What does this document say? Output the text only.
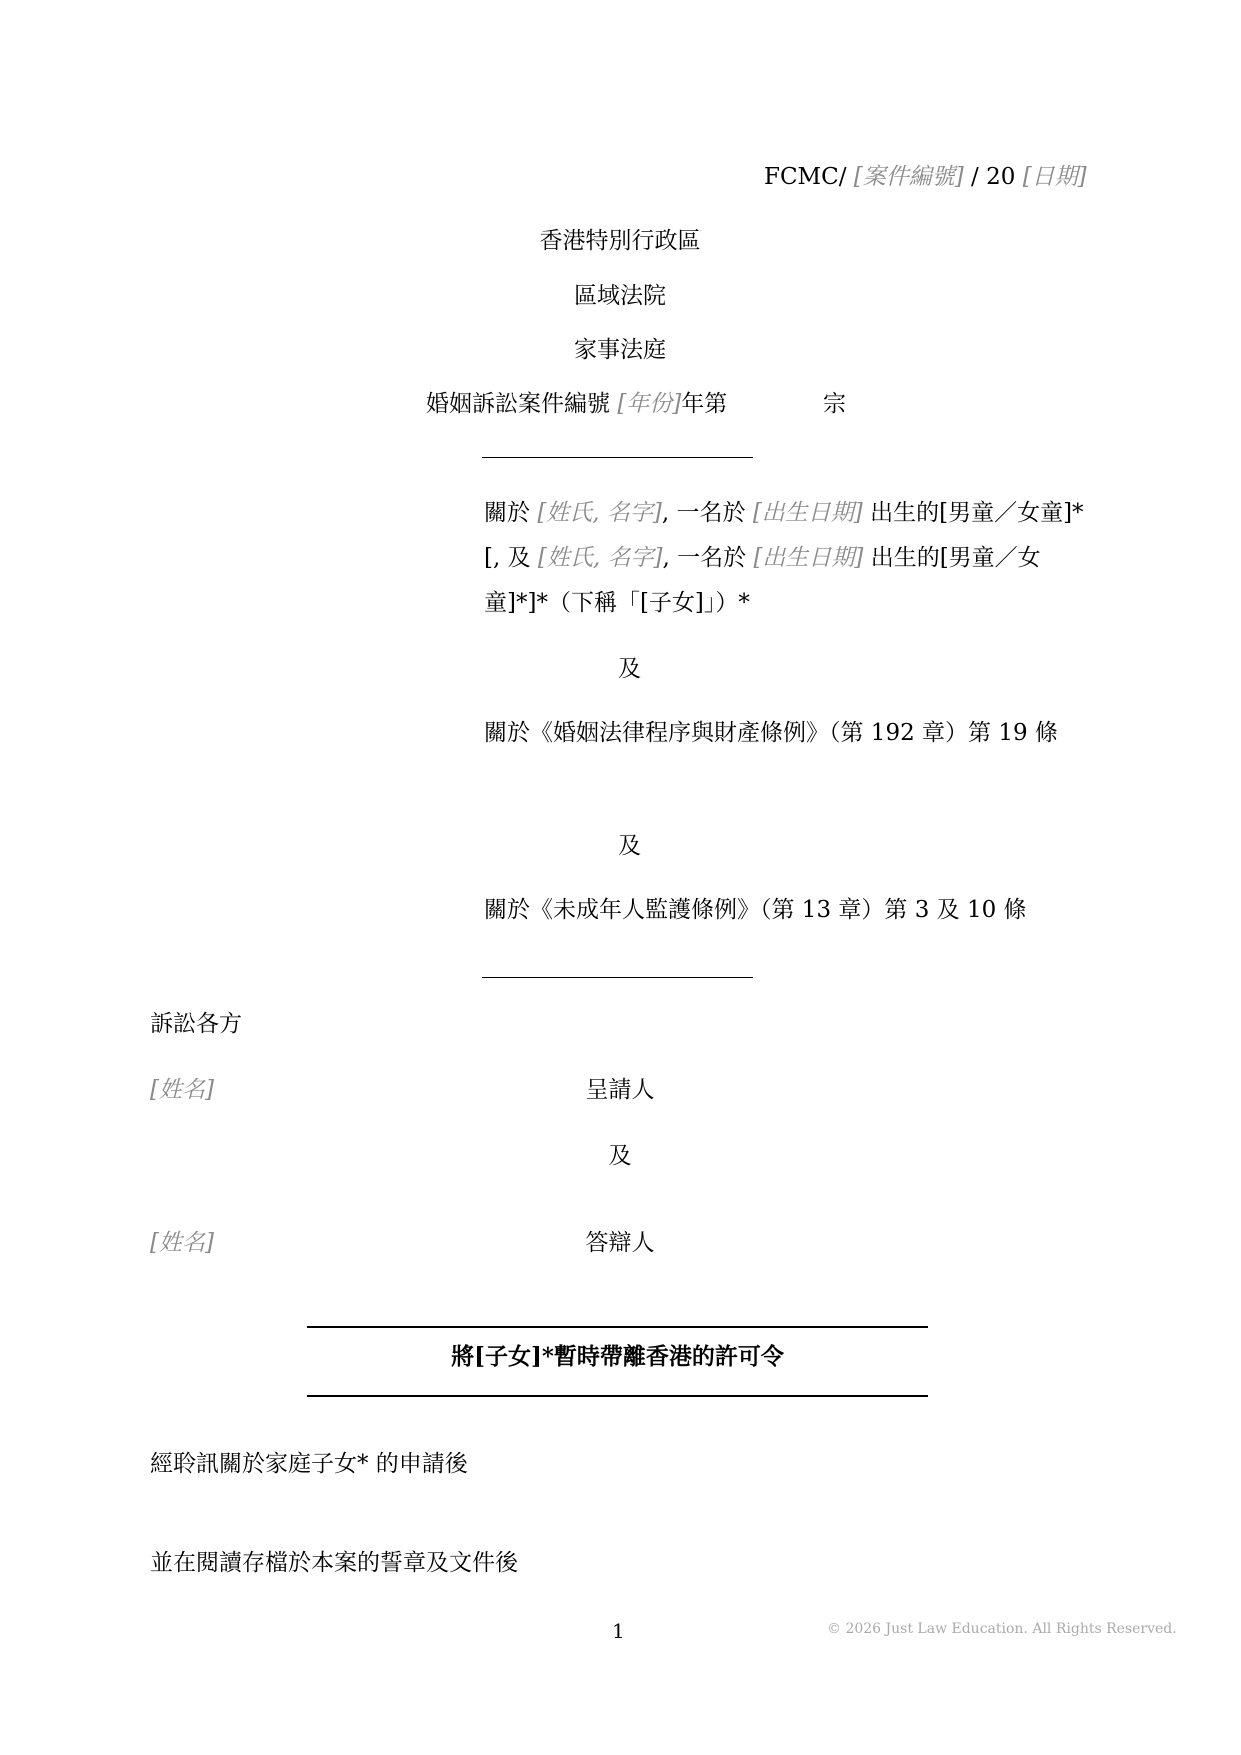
FCMC/ [案件編號] / 20 [日期]
香港特別行政區
區域法院
家事法庭
婚姻訴訟案件編號 [年份]年第	宗
關於 [姓氏, 名字], 一名於 [出生日期] 出生的[男童／女童]*[, 及 [姓氏, 名字], 一名於 [出生日期] 出生的[男童／女童]*]*（下稱「[子女]」）*
及
關於《婚姻法律程序與財產條例》（第 192 章）第 19 條
及
關於《未成年人監護條例》（第 13 章）第 3 及 10 條
訴訟各方
[姓名]	呈請人
及
[姓名]	答辯人
將[子女]*暫時帶離香港的許可令
經聆訊關於家庭子女* 的申請後
並在閱讀存檔於本案的誓章及文件後
1	© 2026 Just Law Education. All Rights Reserved.
